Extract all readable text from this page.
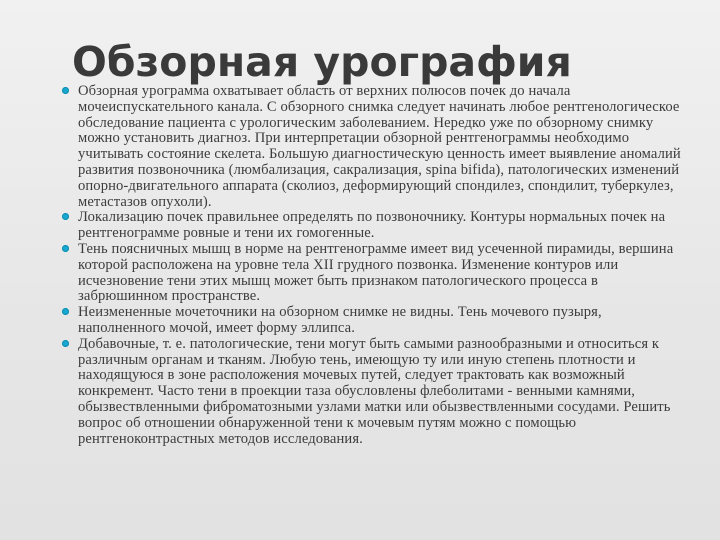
Обзорная урография
Обзорная урограмма охватывает область от верхних полюсов почек до начала мочеиспускательного канала. С обзорного снимка следует начинать любое рентгенологическое обследование пациента с урологическим заболеванием. Нередко уже по обзорному снимку можно установить диагноз. При интерпретации обзорной рентгенограммы необходимо учитывать состояние скелета. Большую диагностическую ценность имеет выявление аномалий развития позвоночника (люмбализация, сакрализация, spina bifida), патологических изменений опорно-двигательного аппарата (сколиоз, деформирующий спондилез, спондилит, туберкулез, метастазов опухоли).
Локализацию почек правильнее определять по позвоночнику. Контуры нормальных почек на рентгенограмме ровные и тени их гомогенные.
Тень поясничных мышц в норме на рентгенограмме имеет вид усеченной пирамиды, вершина которой расположена на уровне тела XII грудного позвонка. Изменение контуров или исчезновение тени этих мышц может быть признаком патологического процесса в забрюшинном пространстве.
Неизмененные мочеточники на обзорном снимке не видны. Тень мочевого пузыря, наполненного мочой, имеет форму эллипса.
Добавочные, т. е. патологические, тени могут быть самыми разнообразными и относиться к различным органам и тканям. Любую тень, имеющую ту или иную степень плотности и находящуюся в зоне расположения мочевых путей, следует трактовать как возможный конкремент. Часто тени в проекции таза обусловлены флеболитами - венными камнями, обызвествленными фиброматозными узлами матки или обызвествленными сосудами. Решить вопрос об отношении обнаруженной тени к мочевым путям можно с помощью рентгеноконтрастных методов исследования.
